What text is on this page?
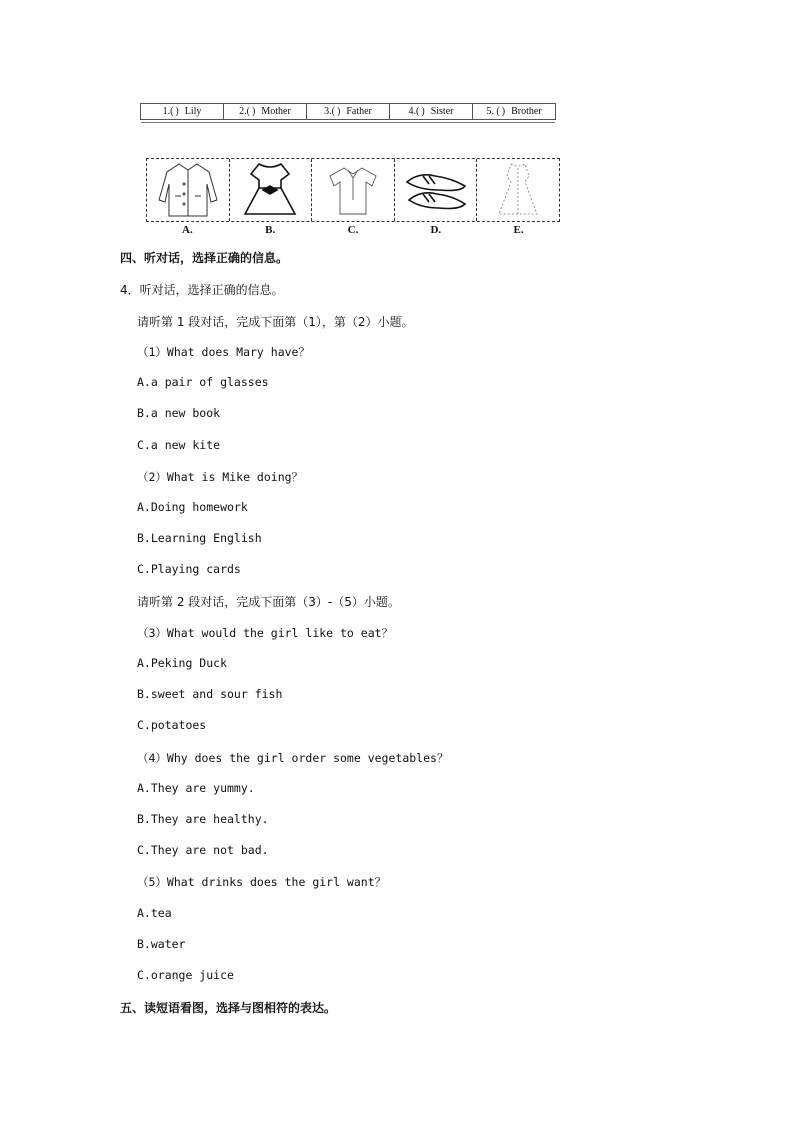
1.( ) Lily	2.( ) Mother	3.( ) Father	4.( ) Sister	5. ( ) Brother
A.	B.	C.	D.	E.
四、听对话，选择正确的信息。
4．听对话，选择正确的信息。
请听第 1 段对话，完成下面第（1），第（2）小题。
（1）What does Mary have？
A.a pair of glasses
B.a new book
C.a new kite
（2）What is Mike doing？
A.Doing homework
B.Learning English
C.Playing cards
请听第 2 段对话，完成下面第（3）-（5）小题。
（3）What would the girl like to eat？
A.Peking Duck
B.sweet and sour fish
C.potatoes
（4）Why does the girl order some vegetables？
A.They are yummy.
B.They are healthy.
C.They are not bad.
（5）What drinks does the girl want？
A.tea
B.water
C.orange juice
五、读短语看图，选择与图相符的表达。
